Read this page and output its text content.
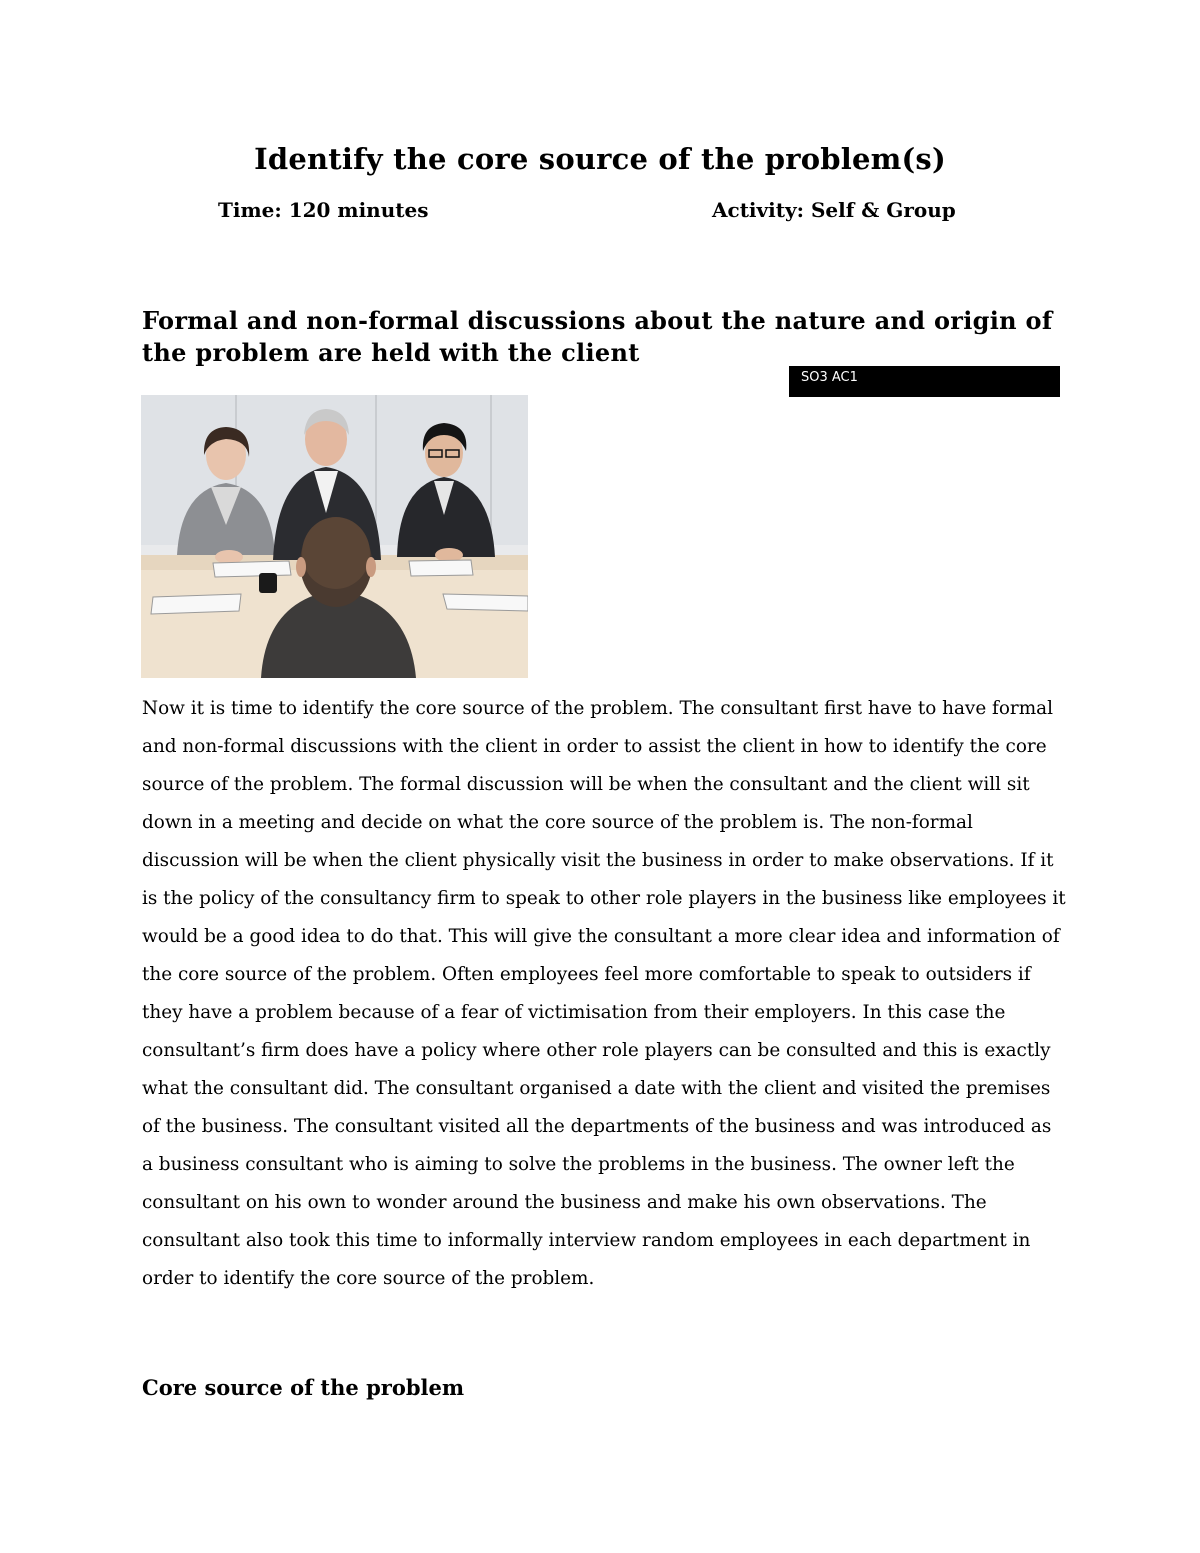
Identify the core source of the problem(s)
Time: 120 minutes	Activity: Self & Group
Formal and non-formal discussions about the nature and origin of the problem are held with the client
SO3 AC1
Now it is time to identify the core source of the problem. The consultant first have to have formal and non-formal discussions with the client in order to assist the client in how to identify the core source of the problem. The formal discussion will be when the consultant and the client will sit down in a meeting and decide on what the core source of the problem is. The non-formal discussion will be when the client physically visit the business in order to make observations. If it is the policy of the consultancy firm to speak to other role players in the business like employees it would be a good idea to do that. This will give the consultant a more clear idea and information of the core source of the problem. Often employees feel more comfortable to speak to outsiders if they have a problem because of a fear of victimisation from their employers. In this case the consultant’s firm does have a policy where other role players can be consulted and this is exactly what the consultant did. The consultant organised a date with the client and visited the premises of the business. The consultant visited all the departments of the business and was introduced as a business consultant who is aiming to solve the problems in the business. The owner left the consultant on his own to wonder around the business and make his own observations. The consultant also took this time to informally interview random employees in each department in order to identify the core source of the problem.
Core source of the problem
